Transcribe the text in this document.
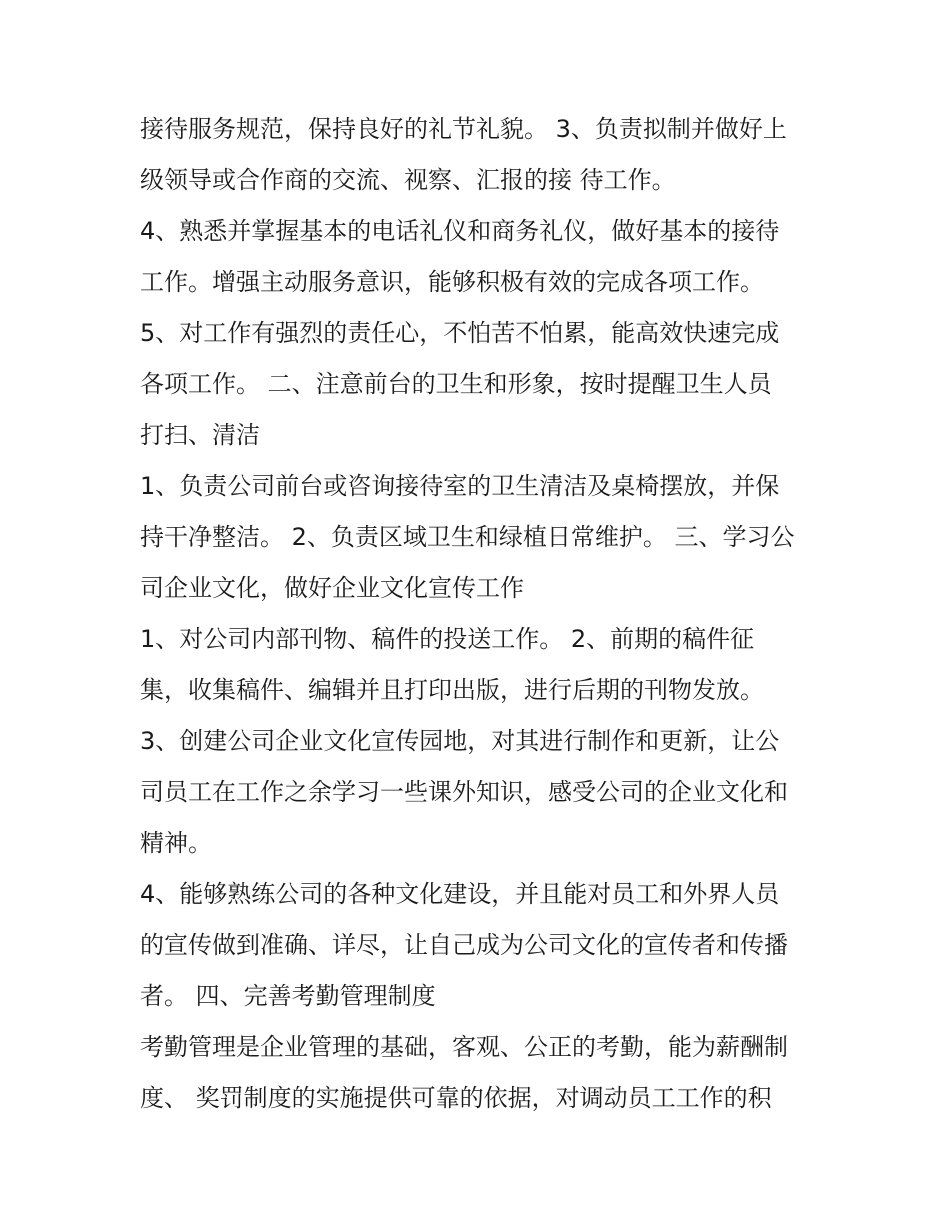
接待服务规范，保持良好的礼节礼貌。 3、负责拟制并做好上
级领导或合作商的交流、视察、汇报的接 待工作。
4、熟悉并掌握基本的电话礼仪和商务礼仪，做好基本的接待
工作。增强主动服务意识，能够积极有效的完成各项工作。
5、对工作有强烈的责任心，不怕苦不怕累，能高效快速完成
各项工作。 二、注意前台的卫生和形象，按时提醒卫生人员
打扫、清洁
1、负责公司前台或咨询接待室的卫生清洁及桌椅摆放，并保
持干净整洁。 2、负责区域卫生和绿植日常维护。 三、学习公
司企业文化，做好企业文化宣传工作
1、对公司内部刊物、稿件的投送工作。 2、前期的稿件征
集，收集稿件、编辑并且打印出版，进行后期的刊物发放。
3、创建公司企业文化宣传园地，对其进行制作和更新，让公
司员工在工作之余学习一些课外知识，感受公司的企业文化和
精神。
4、能够熟练公司的各种文化建设，并且能对员工和外界人员
的宣传做到准确、详尽，让自己成为公司文化的宣传者和传播
者。 四、完善考勤管理制度
考勤管理是企业管理的基础，客观、公正的考勤，能为薪酬制
度、 奖罚制度的实施提供可靠的依据，对调动员工工作的积
